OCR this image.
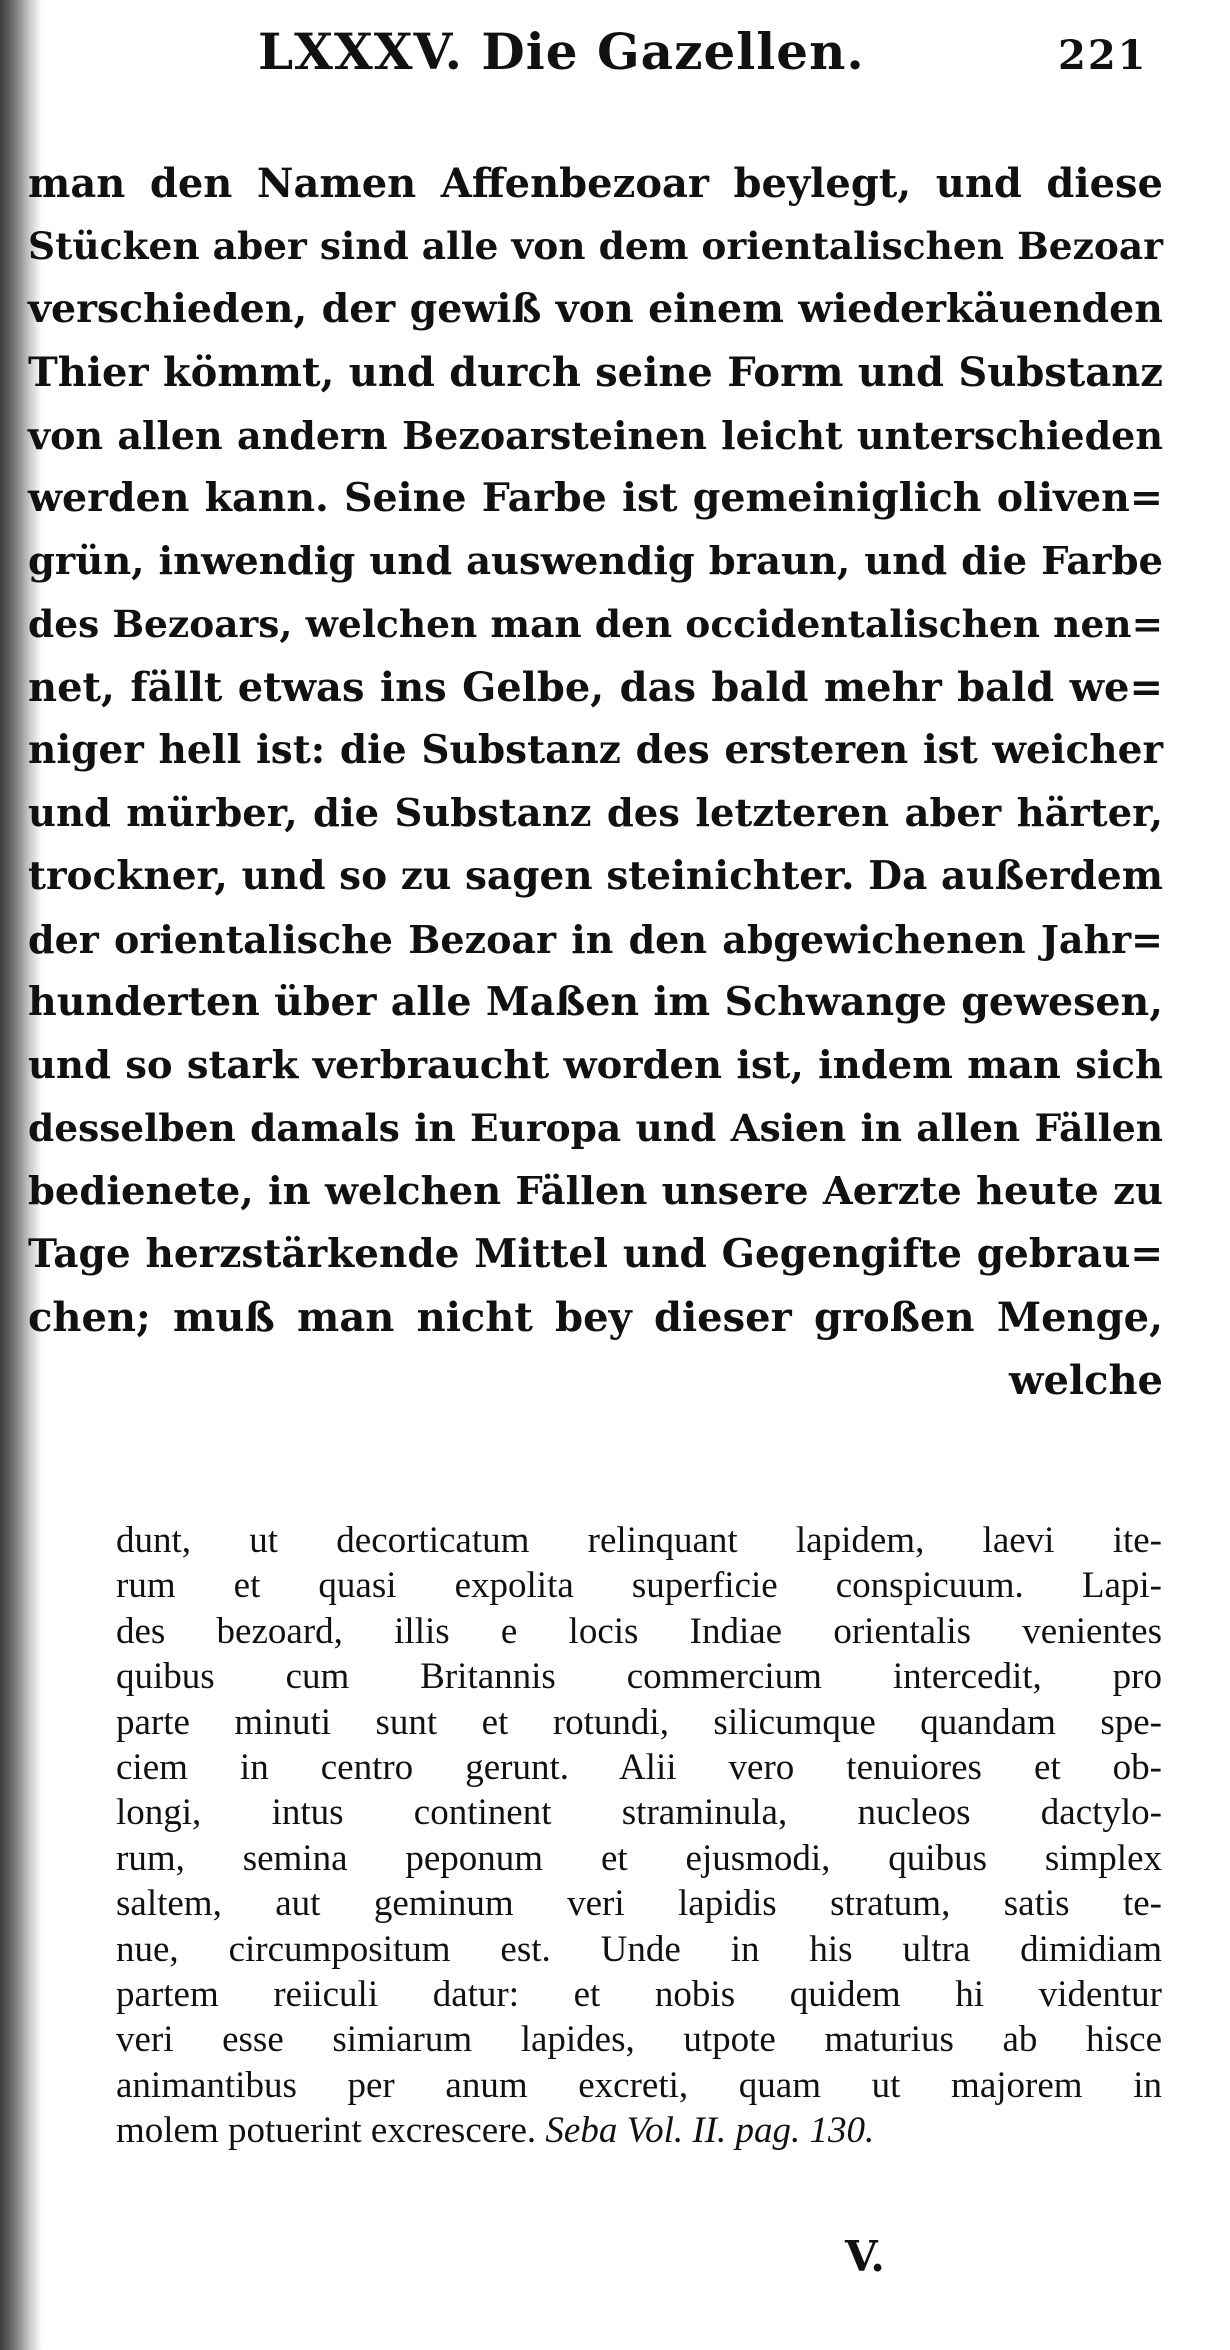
LXXXV. Die Gazellen.	221
man den Namen Affenbezoar beylegt, und diese
Stücken aber sind alle von dem orientalischen Bezoar
verschieden, der gewiß von einem wiederkäuenden
Thier kömmt, und durch seine Form und Substanz
von allen andern Bezoarsteinen leicht unterschieden
werden kann. Seine Farbe ist gemeiniglich oliven=
grün, inwendig und auswendig braun, und die Farbe
des Bezoars, welchen man den occidentalischen nen=
net, fällt etwas ins Gelbe, das bald mehr bald we=
niger hell ist: die Substanz des ersteren ist weicher
und mürber, die Substanz des letzteren aber härter,
trockner, und so zu sagen steinichter. Da außerdem
der orientalische Bezoar in den abgewichenen Jahr=
hunderten über alle Maßen im Schwange gewesen,
und so stark verbraucht worden ist, indem man sich
desselben damals in Europa und Asien in allen Fällen
bedienete, in welchen Fällen unsere Aerzte heute zu
Tage herzstärkende Mittel und Gegengifte gebrau=
chen; muß man nicht bey dieser großen Menge,
welche
dunt, ut decorticatum relinquant lapidem, laevi ite-
rum et quasi expolita superficie conspicuum. Lapi-
des bezoard, illis e locis Indiae orientalis venientes
quibus cum Britannis commercium intercedit, pro
parte minuti sunt et rotundi, silicumque quandam spe-
ciem in centro gerunt. Alii vero tenuiores et ob-
longi, intus continent straminula, nucleos dactylo-
rum, semina peponum et ejusmodi, quibus simplex
saltem, aut geminum veri lapidis stratum, satis te-
nue, circumpositum est. Unde in his ultra dimidiam
partem reiiculi datur: et nobis quidem hi videntur
veri esse simiarum lapides, utpote maturius ab hisce
animantibus per anum excreti, quam ut majorem in
molem potuerint excrescere. Seba Vol. II. pag. 130.
V.
